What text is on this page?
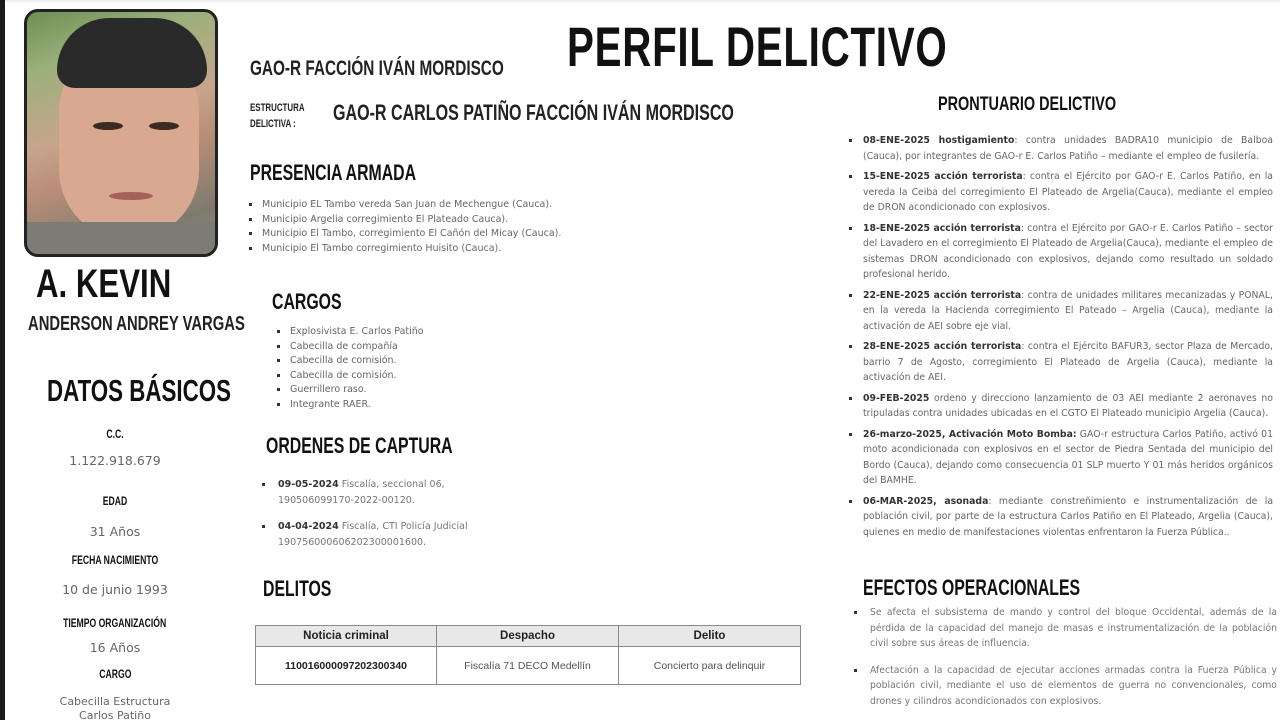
A. KEVIN
ANDERSON ANDREY VARGAS
DATOS BÁSICOS
C.C.
1.122.918.679
EDAD
31 Años
FECHA NACIMIENTO
10 de junio 1993
TIEMPO ORGANIZACIÓN
16 Años
CARGO
Cabecilla Estructura
Carlos Patiño
PERFIL DELICTIVO
GAO-R FACCIÓN IVÁN MORDISCO
ESTRUCTURA
DELICTIVA :	GAO-R CARLOS PATIÑO FACCIÓN IVÁN MORDISCO
PRESENCIA ARMADA
Municipio EL Tambo vereda San Juan de Mechengue (Cauca).
Municipio Argelia corregimiento El Plateado Cauca).
Municipio El Tambo, corregimiento El Cañón del Micay (Cauca).
Municipio El Tambo corregimiento Huisito (Cauca).
CARGOS
Explosivista E. Carlos Patiño
Cabecilla de compañía
Cabecilla de comisión.
Cabecilla de comisión.
Guerrillero raso.
Integrante RAER.
ORDENES DE CAPTURA
09-05-2024 Fiscalía, seccional 06, 190506099170-2022-00120.
04-04-2024 Fiscalía, CTI Policía Judicial 190756000606202300001600.
DELITOS
Noticia criminal	Despacho	Delito
110016000097202300340	Fiscalía 71 DECO Medellín	Concierto para delinquir
PRONTUARIO DELICTIVO
08-ENE-2025 hostigamiento: contra unidades BADRA10 municipio de Balboa (Cauca), por integrantes de GAO-r E. Carlos Patiño – mediante el empleo de fusilería.
15-ENE-2025 acción terrorista: contra el Ejército por GAO-r E. Carlos Patiño, en la vereda la Ceiba del corregimiento El Plateado de Argelia(Cauca), mediante el empleo de DRON acondicionado con explosivos.
18-ENE-2025 acción terrorista: contra el Ejército por GAO-r E. Carlos Patiño – sector del Lavadero en el corregimiento El Plateado de Argelia(Cauca), mediante el empleo de sistemas DRON acondicionado con explosivos, dejando como resultado un soldado profesional herido.
22-ENE-2025 acción terrorista: contra de unidades militares mecanizadas y PONAL, en la vereda la Hacienda corregimiento El Pateado – Argelia (Cauca), mediante la activación de AEI sobre eje vial.
28-ENE-2025 acción terrorista: contra el Ejército BAFUR3, sector Plaza de Mercado, barrio 7 de Agosto, corregimiento El Plateado de Argelia (Cauca), mediante la activación de AEI.
09-FEB-2025 ordeno y direcciono lanzamiento de 03 AEI mediante 2 aeronaves no tripuladas contra unidades ubicadas en el CGTO El Plateado municipio Argelia (Cauca).
26-marzo-2025, Activación Moto Bomba: GAO-r estructura Carlos Patiño, activó 01 moto acondicionada con explosivos en el sector de Piedra Sentada del municipio del Bordo (Cauca), dejando como consecuencia 01 SLP muerto Y 01 más heridos orgánicos del BAMHE.
06-MAR-2025, asonada: mediante constreñimiento e instrumentalización de la población civil, por parte de la estructura Carlos Patiño en El Plateado, Argelia (Cauca), quienes en medio de manifestaciones violentas enfrentaron la Fuerza Pública..
EFECTOS OPERACIONALES
Se afecta el subsistema de mando y control del bloque Occidental, además de la pérdida de la capacidad del manejo de masas e instrumentalización de la población civil sobre sus áreas de influencia.
Afectación a la capacidad de ejecutar acciones armadas contra la Fuerza Pública y población civil, mediante el uso de elementos de guerra no convencionales, como drones y cilindros acondicionados con explosivos.
